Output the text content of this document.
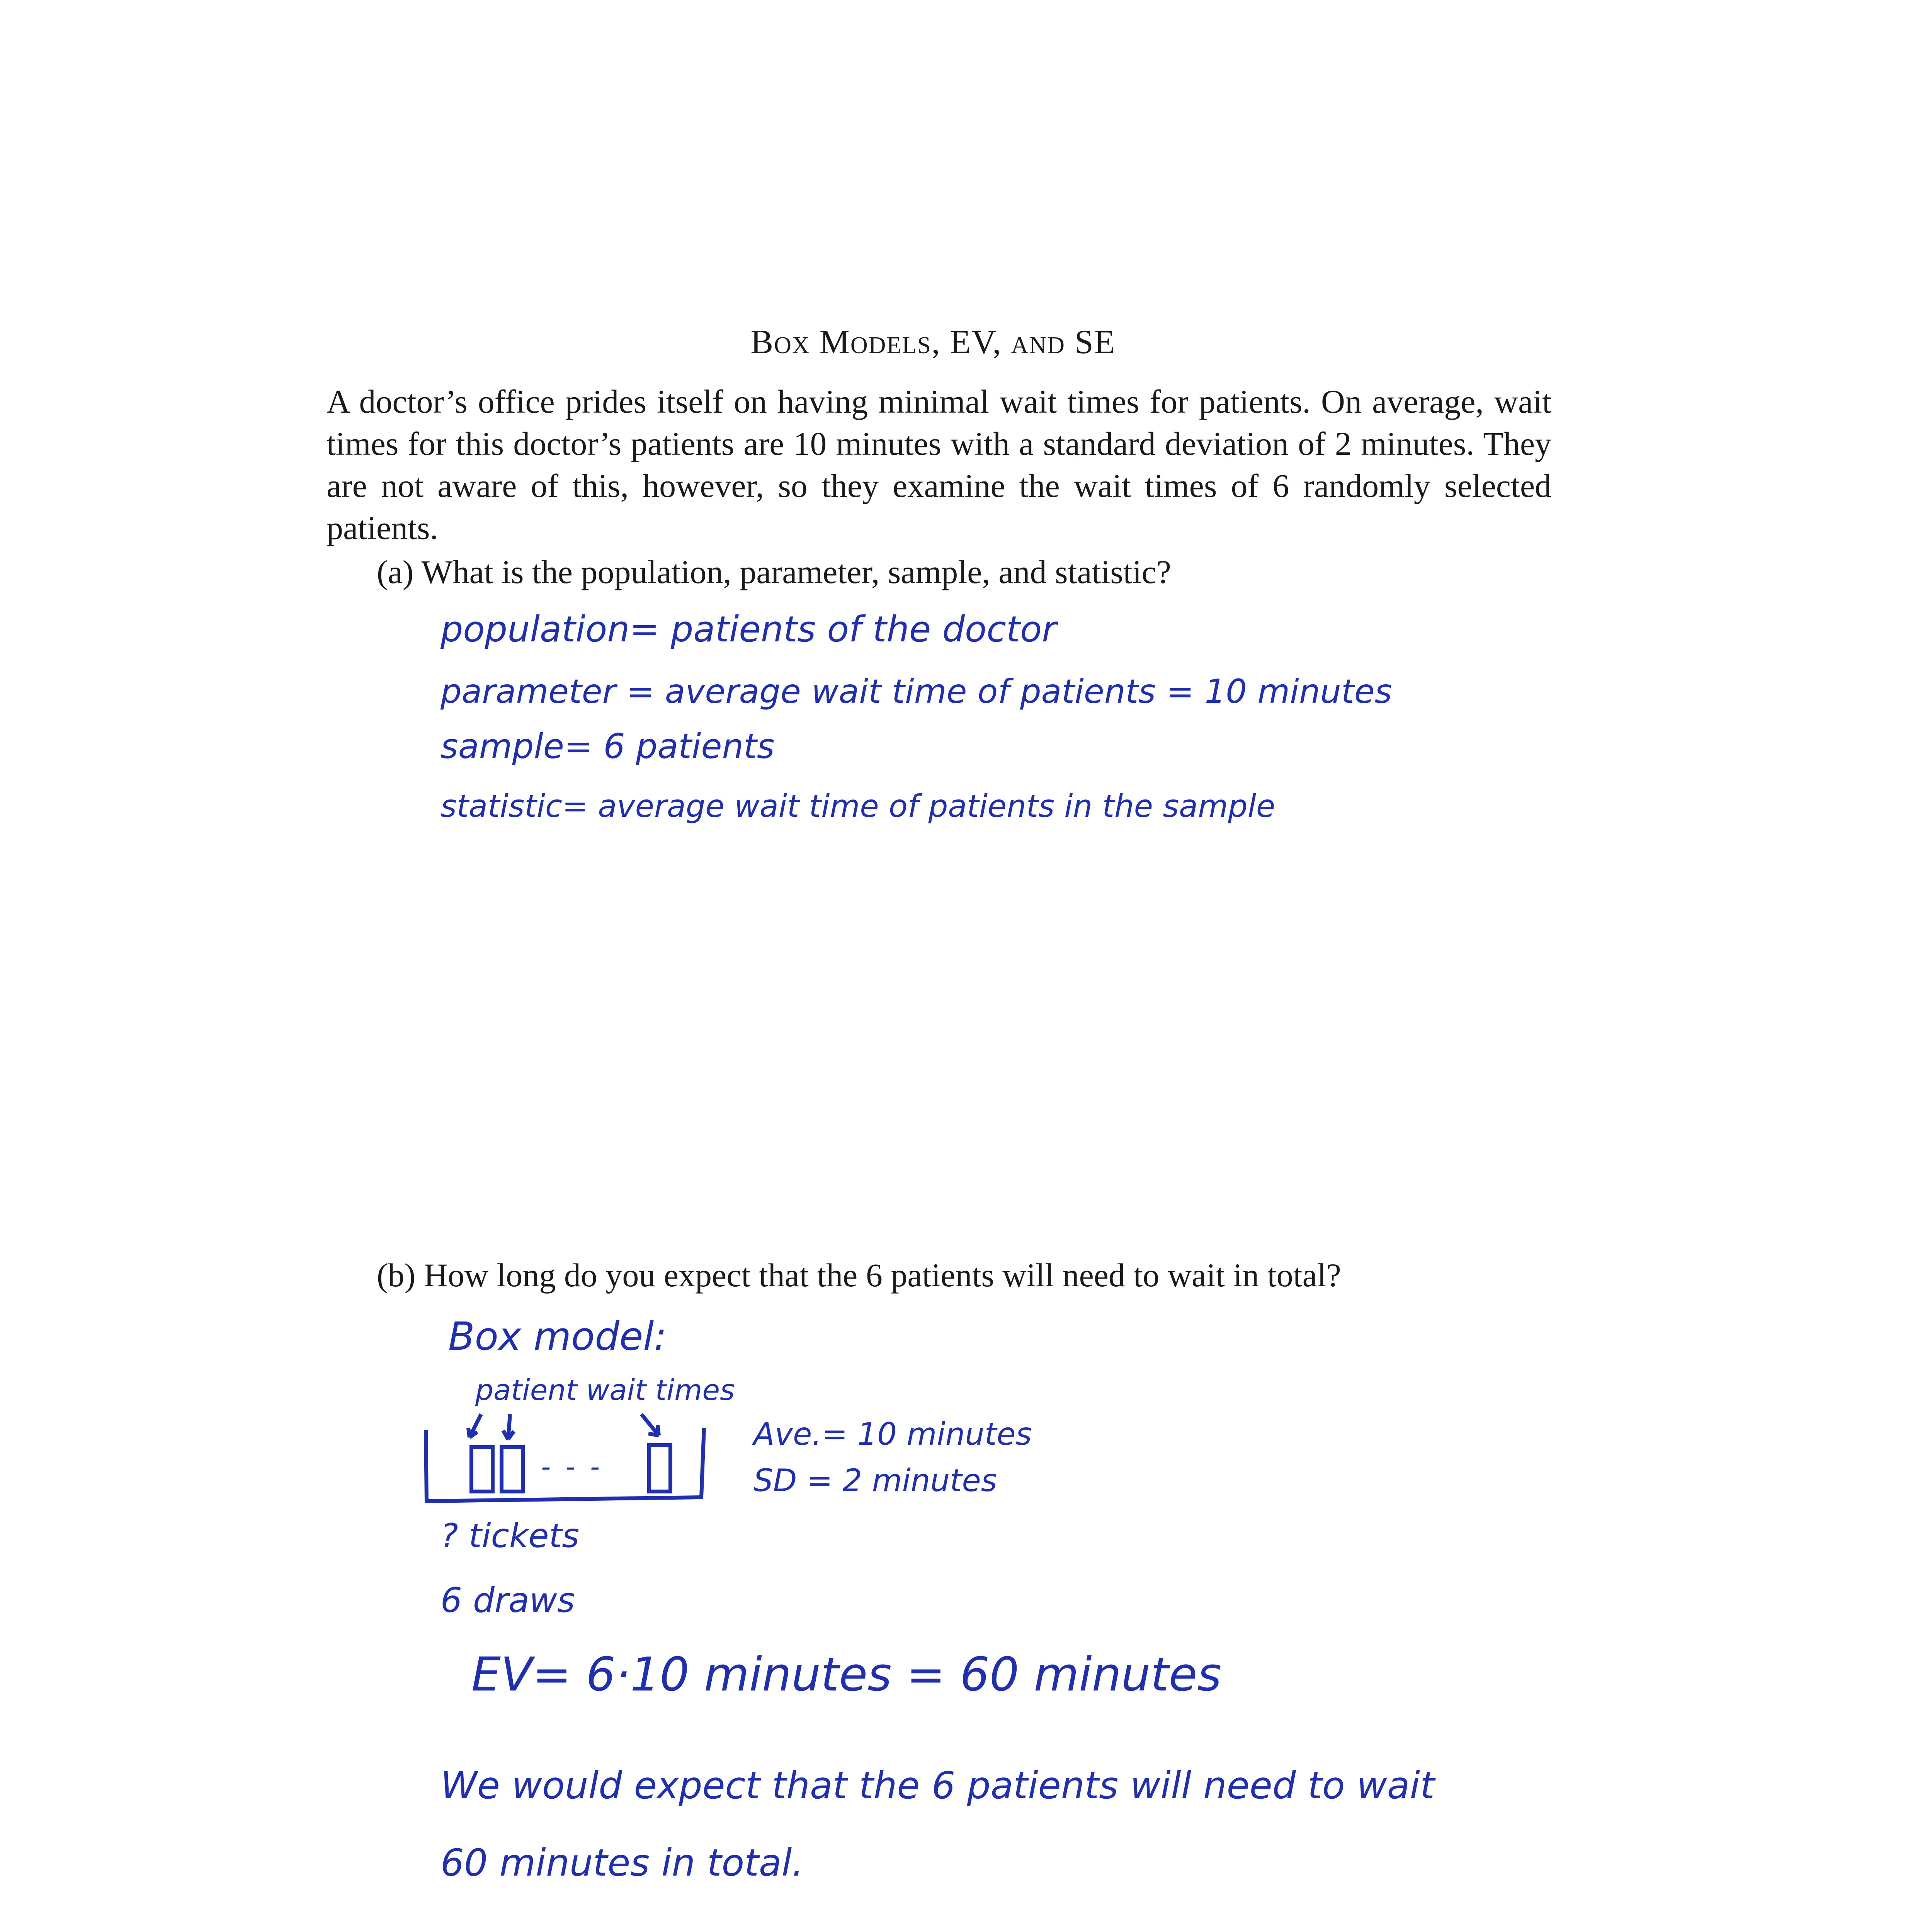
Box Models, EV, and SE
A doctor’s office prides itself on having minimal wait times for patients. On average, wait times for this doctor’s patients are 10 minutes with a standard deviation of 2 minutes. They are not aware of this, however, so they examine the wait times of 6 randomly selected patients.
(a) What is the population, parameter, sample, and statistic?
population= patients of the doctor
parameter = average wait time of patients = 10 minutes
sample= 6 patients
statistic= average wait time of patients in the sample
(b) How long do you expect that the 6 patients will need to wait in total?
Box model:
patient wait times
- - -
Ave.= 10 minutes
SD = 2 minutes
? tickets
6 draws
EV= 6·10 minutes = 60 minutes
We would expect that the 6 patients will need to wait
60 minutes in total.
